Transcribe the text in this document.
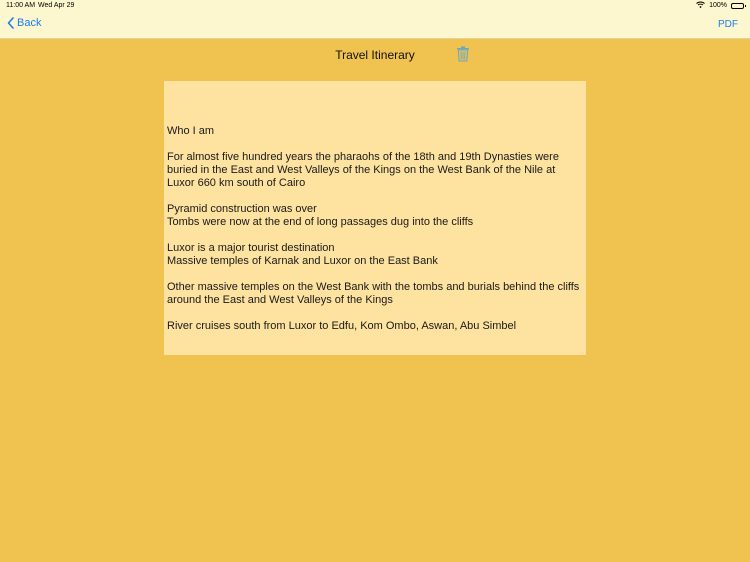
11:00 AM Wed Apr 29	100%
Back	PDF
Travel Itinerary

Who I am

For almost five hundred years the pharaohs of the 18th and 19th Dynasties were buried in the East and West Valleys of the Kings on the West Bank of the Nile at Luxor 660 km south of Cairo

Pyramid construction was over
Tombs were now at the end of long passages dug into the cliffs

Luxor is a major tourist destination
Massive temples of Karnak and Luxor on the East Bank

Other massive temples on the West Bank with the tombs and burials behind the cliffs around the East and West Valleys of the Kings

River cruises south from Luxor to Edfu, Kom Ombo, Aswan, Abu Simbel
